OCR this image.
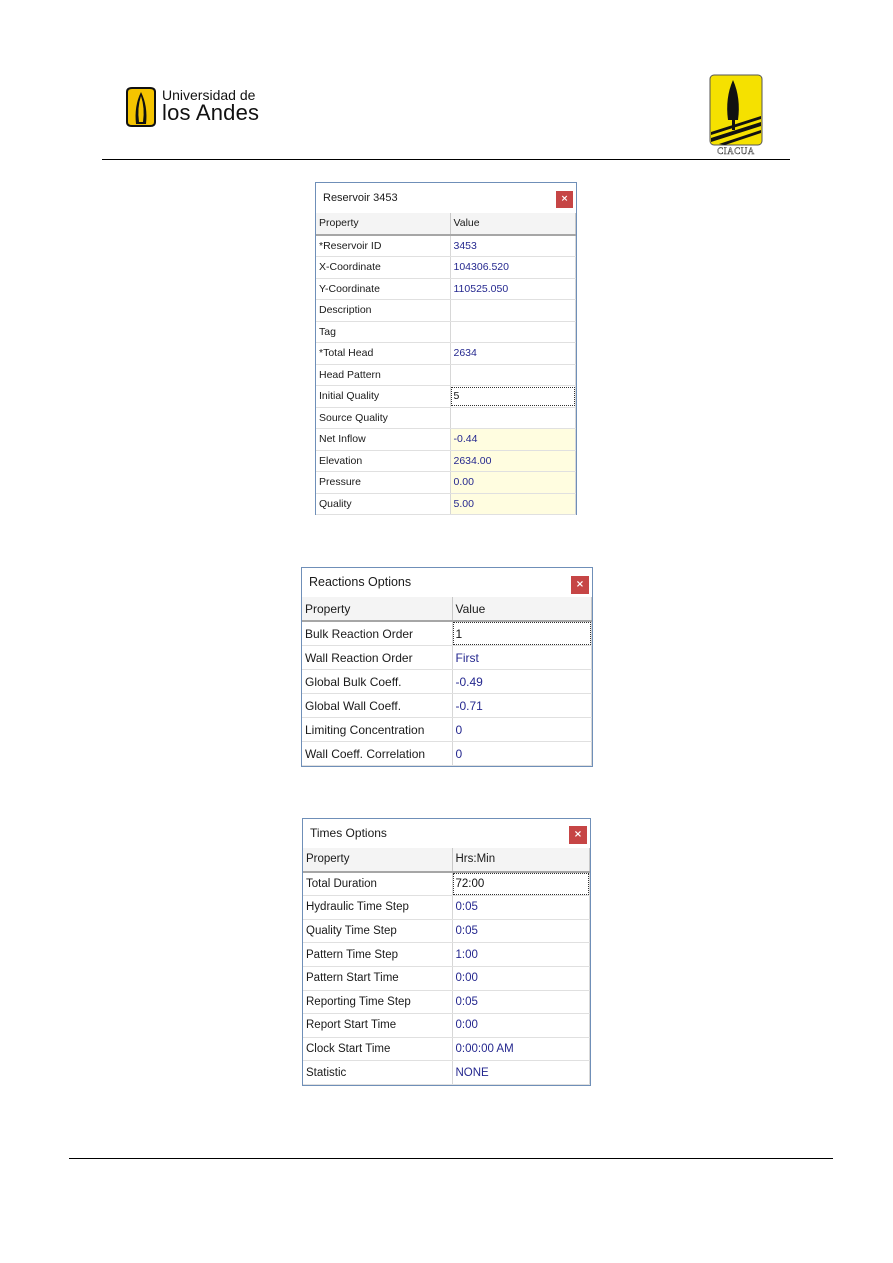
Universidad de
los Andes
CIACUA
Reservoir 3453	×
Property	Value
*Reservoir ID	3453
X-Coordinate	104306.520
Y-Coordinate	110525.050
Description	
Tag	
*Total Head	2634
Head Pattern	
Initial Quality	5
Source Quality	
Net Inflow	-0.44
Elevation	2634.00
Pressure	0.00
Quality	5.00
Reactions Options	×
Property	Value
Bulk Reaction Order	1
Wall Reaction Order	First
Global Bulk Coeff.	-0.49
Global Wall Coeff.	-0.71
Limiting Concentration	0
Wall Coeff. Correlation	0
Times Options	×
Property	Hrs:Min
Total Duration	72:00
Hydraulic Time Step	0:05
Quality Time Step	0:05
Pattern Time Step	1:00
Pattern Start Time	0:00
Reporting Time Step	0:05
Report Start Time	0:00
Clock Start Time	0:00:00 AM
Statistic	NONE
